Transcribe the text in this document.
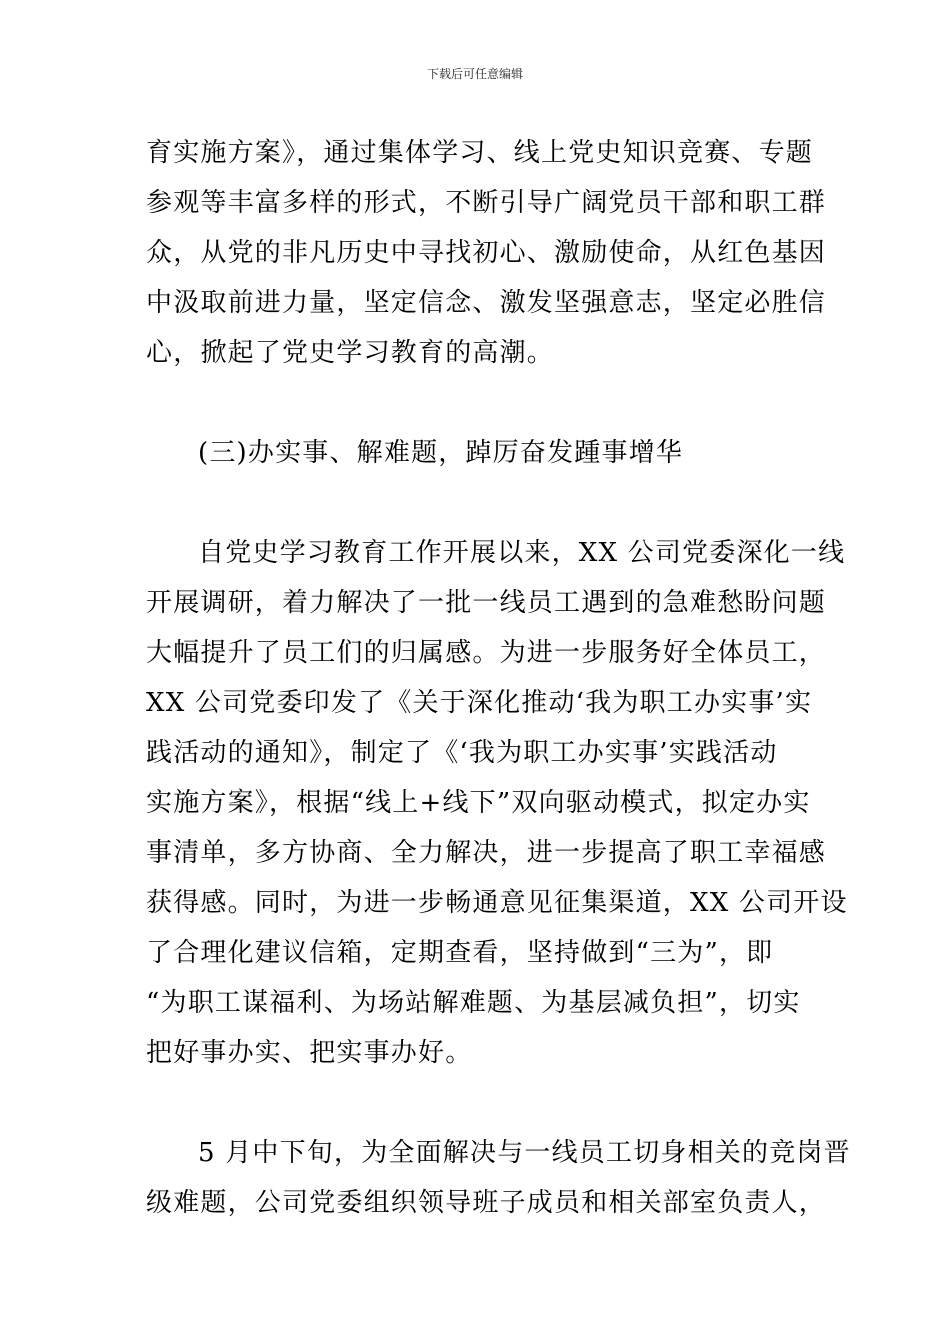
下载后可任意编辑
育实施方案》，通过集体学习、线上党史知识竞赛、专题
参观等丰富多样的形式，不断引导广阔党员干部和职工群
众，从党的非凡历史中寻找初心、激励使命，从红色基因
中汲取前进力量，坚定信念、激发坚强意志，坚定必胜信
心，掀起了党史学习教育的高潮。
(三)办实事、解难题，踔厉奋发踵事增华
自党史学习教育工作开展以来，XX 公司党委深化一线
开展调研，着力解决了一批一线员工遇到的急难愁盼问题
大幅提升了员工们的归属感。为进一步服务好全体员工，
XX 公司党委印发了《关于深化推动‘我为职工办实事’实
践活动的通知》，制定了《‘我为职工办实事’实践活动
实施方案》，根据“线上+线下”双向驱动模式，拟定办实
事清单，多方协商、全力解决，进一步提高了职工幸福感
获得感。同时，为进一步畅通意见征集渠道，XX 公司开设
了合理化建议信箱，定期查看，坚持做到“三为”，即
“为职工谋福利、为场站解难题、为基层减负担”，切实
把好事办实、把实事办好。
5 月中下旬，为全面解决与一线员工切身相关的竞岗晋
级难题，公司党委组织领导班子成员和相关部室负责人，
